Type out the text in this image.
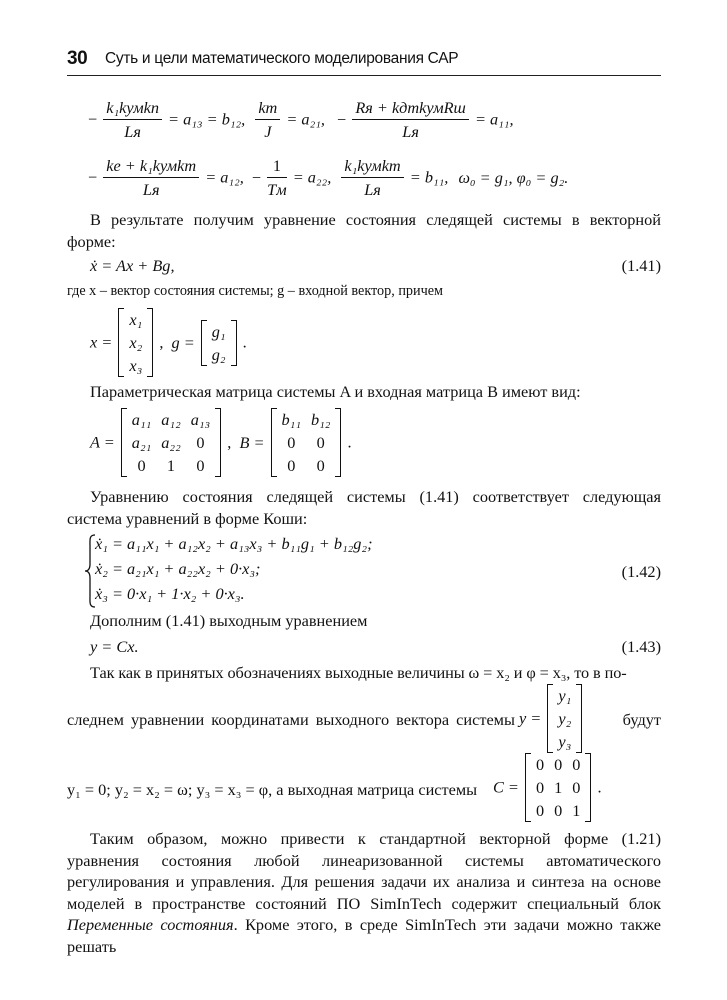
30 Суть и цели математического моделирования САР
− $\frac{\text{k₁kумkп}}{Lя} = a_{13} = b_{12}$, $\frac{kт}{J} = a_{21}$, − $\frac{\text{Rя + kдтkумRш}}{Lя} = a_{11}$,
− $\frac{\text{ke + k₁kумkт}}{Lя} = a_{12}$, − $\frac{1}{Tм} = a_{22}$, $\frac{\text{k₁kумkт}}{Lя} = b_{11}$, ω₀ = g₁, φ₀ = g₂.
В результате получим уравнение состояния следящей системы в векторной форме:
ẋ = Ax + Bg,	(1.41)
где x – вектор состояния системы; g – входной вектор, причем
x =
x₁
x₂
x₃
, g =
g₁
g₂
.
Параметрическая матрица системы A и входная матрица B имеют вид:
A =
a₁₁	a₁₂	a₁₃
a₂₁	a₂₂	0
0	1	0
, B =
b₁₁	b₁₂
0	0
0	0
.
Уравнению состояния следящей системы (1.41) соответствует следующая система уравнений в форме Коши:
ẋ₁ = a₁₁x₁ + a₁₂x₂ + a₁₃x₃ + b₁₁g₁ + b₁₂g₂;
ẋ₂ = a₂₁x₁ + a₂₂x₂ + 0·x₃;
ẋ₃ = 0·x₁ + 1·x₂ + 0·x₃.
(1.42)
Дополним (1.41) выходным уравнением
y = Cx.	(1.43)
Так как в принятых обозначениях выходные величины ω = x₂ и φ = x₃, то в по-
следнем уравнении координатами выходного вектора системы y =
y₁
y₂
y₃
будут
y₁ = 0; y₂ = x₂ = ω; y₃ = x₃ = φ, а выходная матрица системы C =
0	0	0
0	1	0
0	0	1
.
Таким образом, можно привести к стандартной векторной форме (1.21) уравнения состояния любой линеаризованной системы автоматического регулирования и управления. Для решения задачи их анализа и синтеза на основе моделей в пространстве состояний ПО SimInTech содержит специальный блок Переменные состояния. Кроме этого, в среде SimInTech эти задачи можно также решать
